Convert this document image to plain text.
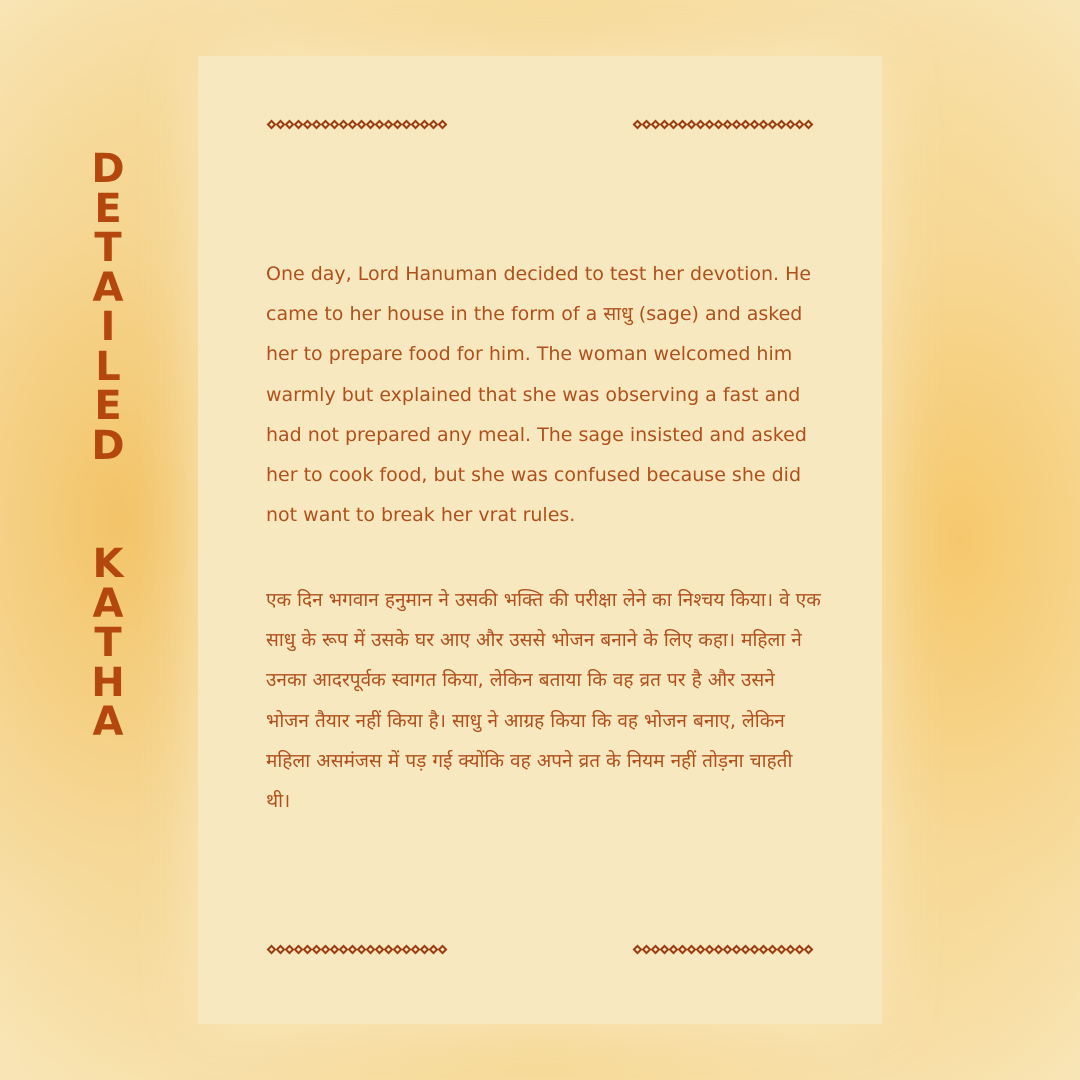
D
E
T
A
I
L
E
D
K
A
T
H
A
One day, Lord Hanuman decided to test her devotion. He came to her house in the form of a साधु (sage) and asked her to prepare food for him. The woman welcomed him warmly but explained that she was observing a fast and had not prepared any meal. The sage insisted and asked her to cook food, but she was confused because she did not want to break her vrat rules.
एक दिन भगवान हनुमान ने उसकी भक्ति की परीक्षा लेने का निश्चय किया। वे एक साधु के रूप में उसके घर आए और उससे भोजन बनाने के लिए कहा। महिला ने उनका आदरपूर्वक स्वागत किया, लेकिन बताया कि वह व्रत पर है और उसने भोजन तैयार नहीं किया है। साधु ने आग्रह किया कि वह भोजन बनाए, लेकिन महिला असमंजस में पड़ गई क्योंकि वह अपने व्रत के नियम नहीं तोड़ना चाहती थी।
